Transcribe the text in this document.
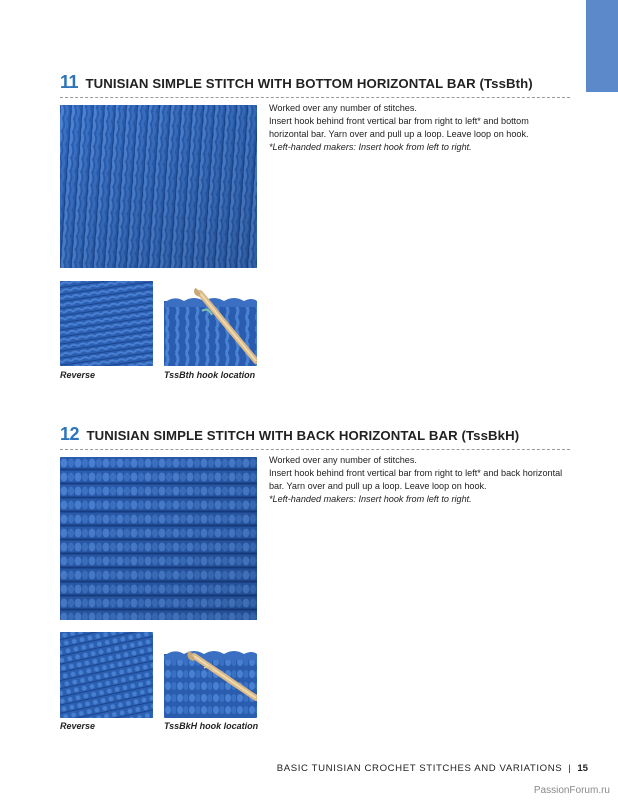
11 TUNISIAN SIMPLE STITCH WITH BOTTOM HORIZONTAL BAR (TssBth)

Worked over any number of stitches.

Insert hook behind front vertical bar from right to left* and bottom horizontal bar. Yarn over and pull up a loop. Leave loop on hook.

*Left-handed makers: Insert hook from left to right.

Reverse	TssBth hook location
12 TUNISIAN SIMPLE STITCH WITH BACK HORIZONTAL BAR (TssBkH)

Worked over any number of stitches.

Insert hook behind front vertical bar from right to left* and back horizontal bar. Yarn over and pull up a loop. Leave loop on hook.

*Left-handed makers: Insert hook from left to right.

Reverse	TssBkH hook location
BASIC TUNISIAN CROCHET STITCHES AND VARIATIONS | 15
PassionForum.ru
